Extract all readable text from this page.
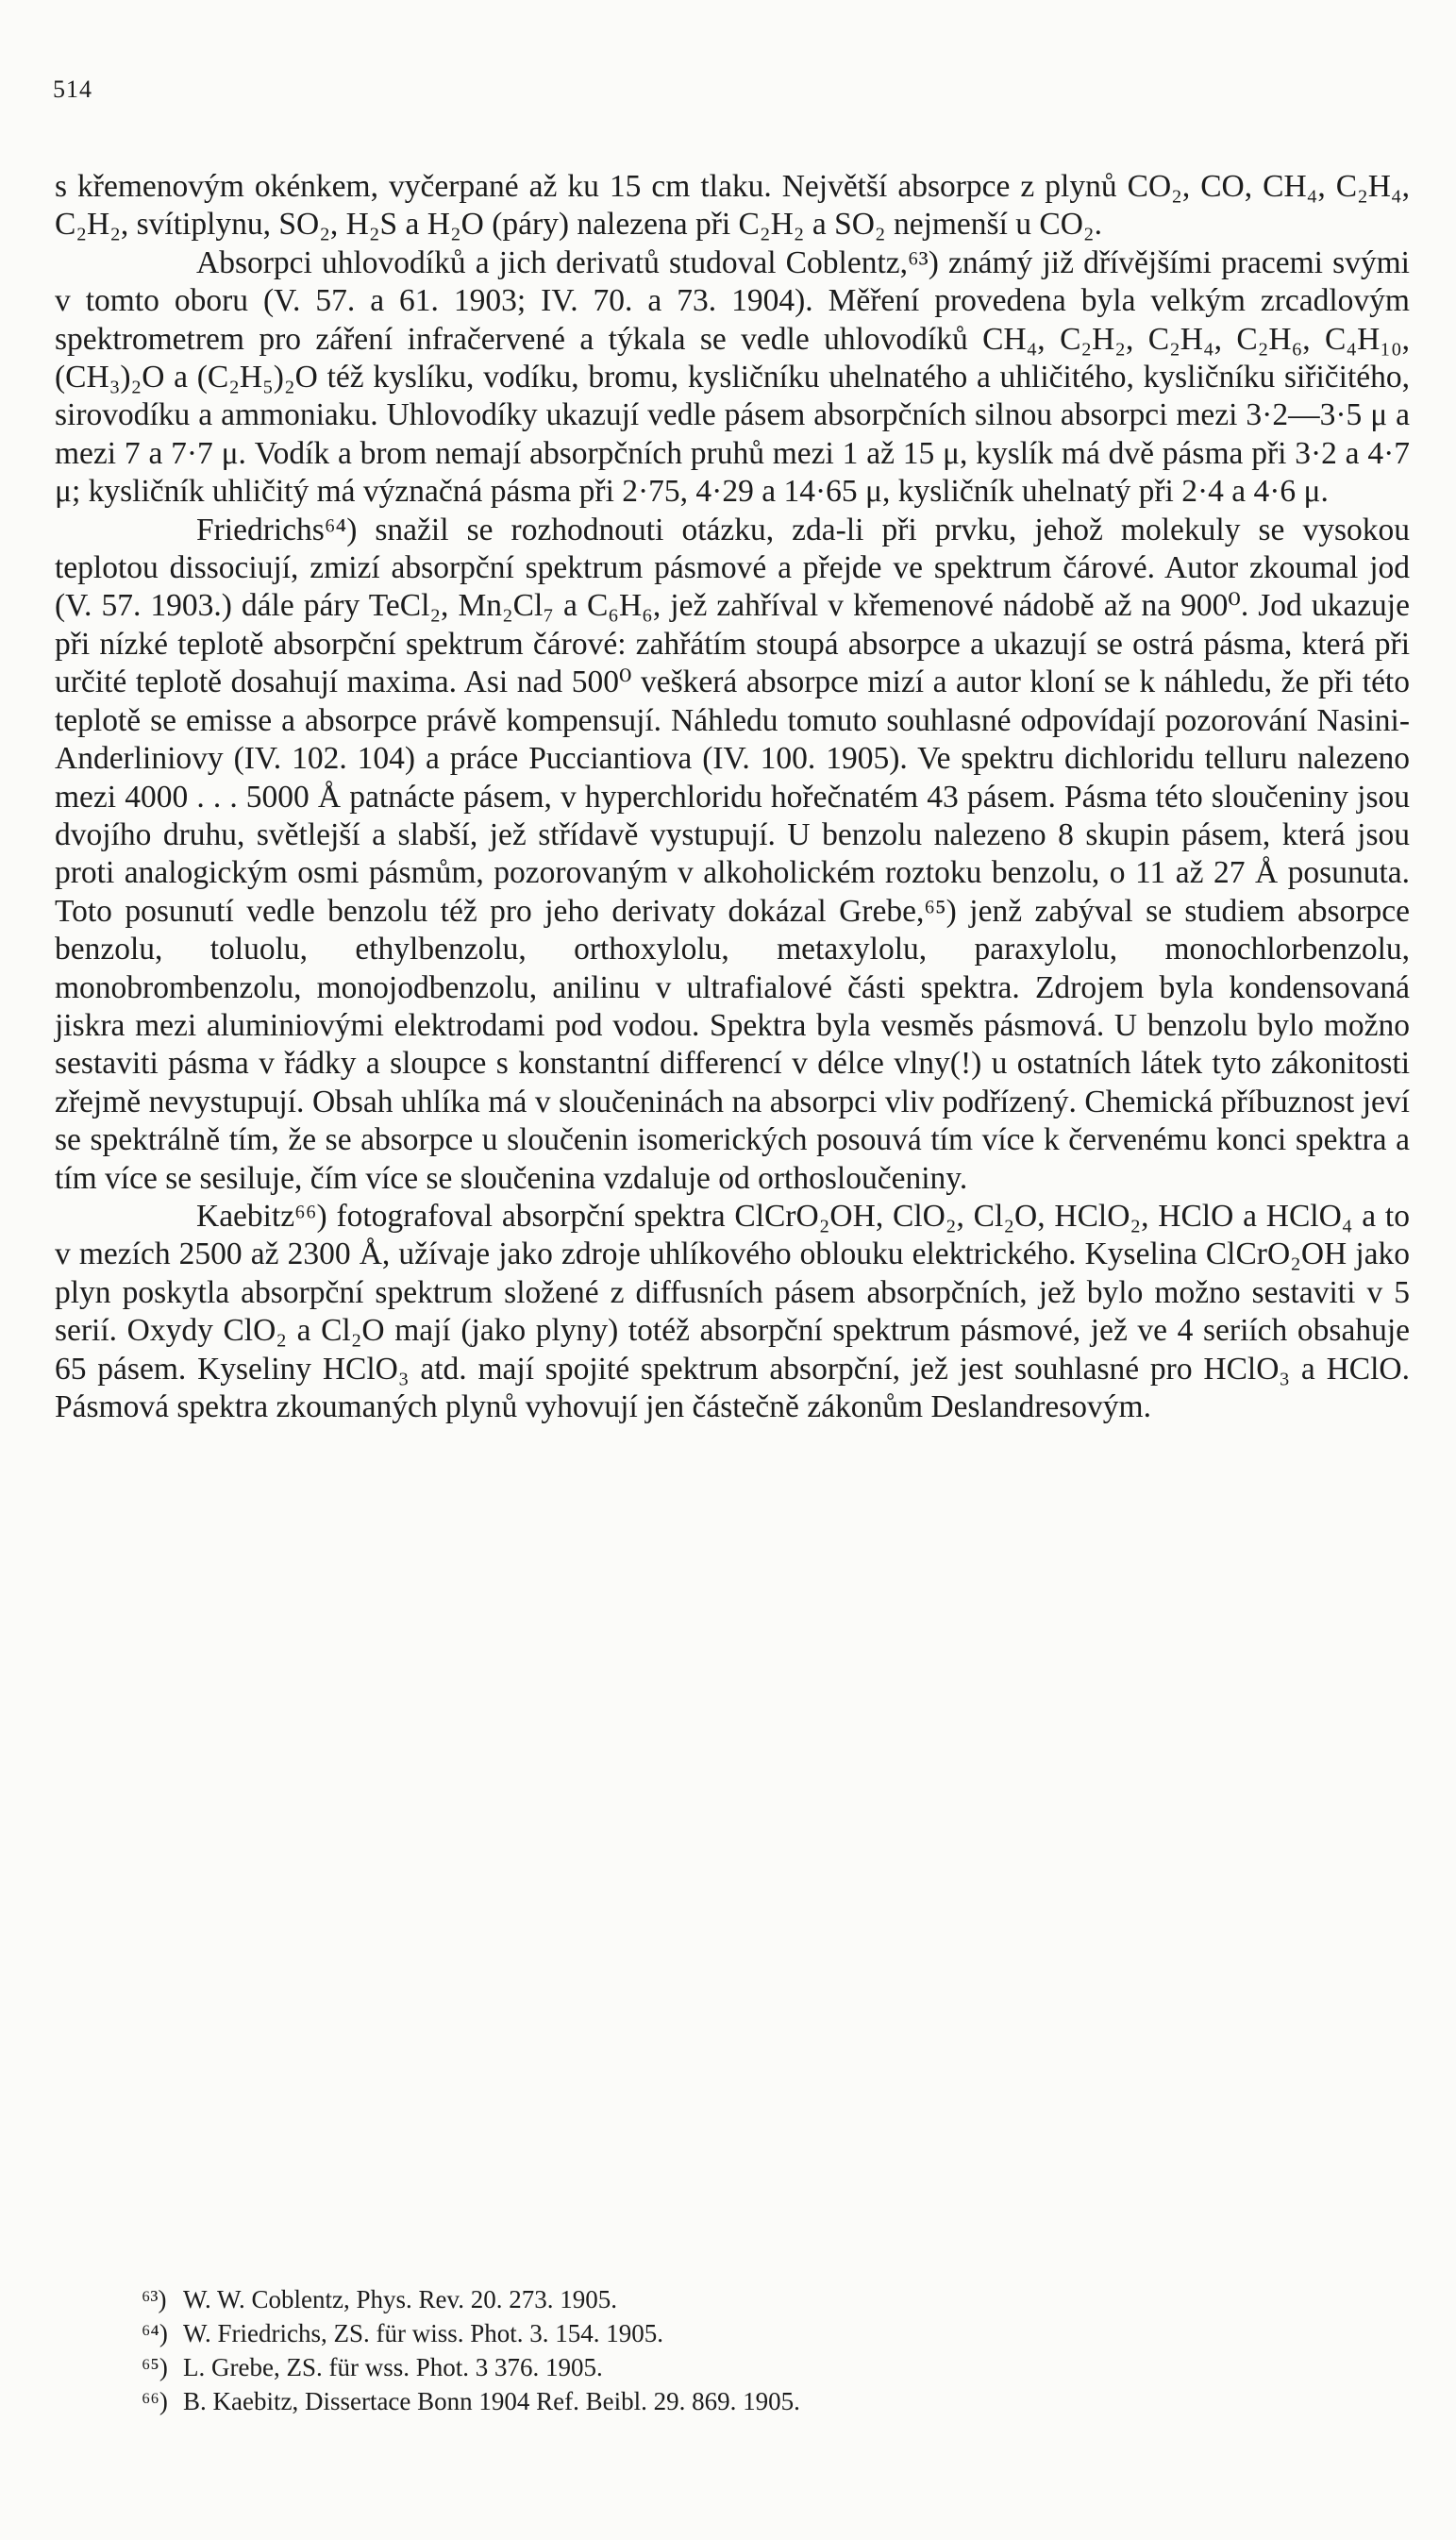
514

s křemenovým okénkem, vyčerpané až ku 15 cm tlaku. Největší absorpce z plynů CO₂, CO, CH₄, C₂H₄, C₂H₂, svítiplynu, SO₂, H₂S a H₂O (páry) nalezena při C₂H₂ a SO₂ nejmenší u CO₂.

Absorpci uhlovodíků a jich derivatů studoval Coblentz,⁶³) známý již dřívějšími pracemi svými v tomto oboru (V. 57. a 61. 1903; IV. 70. a 73. 1904). Měření provedena byla velkým zrcadlovým spektrometrem pro záření infračervené a týkala se vedle uhlovodíků CH₄, C₂H₂, C₂H₄, C₂H₆, C₄H₁₀, (CH₃)₂O a (C₂H₅)₂O též kyslíku, vodíku, bromu, kysličníku uhelnatého a uhličitého, kysličníku siřičitého, sirovodíku a ammoniaku. Uhlovodíky ukazují vedle pásem absorpčních silnou absorpci mezi 3·2—3·5 μ a mezi 7 a 7·7 μ. Vodík a brom nemají absorpčních pruhů mezi 1 až 15 μ, kyslík má dvě pásma při 3·2 a 4·7 μ; kysličník uhličitý má význačná pásma při 2·75, 4·29 a 14·65 μ, kysličník uhelnatý při 2·4 a 4·6 μ.

Friedrichs⁶⁴) snažil se rozhodnouti otázku, zda-li při prvku, jehož molekuly se vysokou teplotou dissociují, zmizí absorpční spektrum pásmové a přejde ve spektrum čárové. Autor zkoumal jod (V. 57. 1903.) dále páry TeCl₂, Mn₂Cl₇ a C₆H₆, jež zahříval v křemenové nádobě až na 900⁰. Jod ukazuje při nízké teplotě absorpční spektrum čárové: zahřátím stoupá absorpce a ukazují se ostrá pásma, která při určité teplotě dosahují maxima. Asi nad 500⁰ veškerá absorpce mizí a autor kloní se k náhledu, že při této teplotě se emisse a absorpce právě kompensují. Náhledu tomuto souhlasné odpovídají pozorování Nasini-Anderliniovy (IV. 102. 104) a práce Pucciantiova (IV. 100. 1905). Ve spektru dichloridu telluru nalezeno mezi 4000 . . . 5000 Å patnácte pásem, v hyperchloridu hořečnatém 43 pásem. Pásma této sloučeniny jsou dvojího druhu, světlejší a slabší, jež střídavě vystupují. U benzolu nalezeno 8 skupin pásem, která jsou proti analogickým osmi pásmům, pozorovaným v alkoholickém roztoku benzolu, o 11 až 27 Å posunuta. Toto posunutí vedle benzolu též pro jeho derivaty dokázal Grebe,⁶⁵) jenž zabýval se studiem absorpce benzolu, toluolu, ethylbenzolu, orthoxylolu, metaxylolu, paraxylolu, monochlorbenzolu, monobrombenzolu, monojodbenzolu, anilinu v ultrafialové části spektra. Zdrojem byla kondensovaná jiskra mezi aluminiovými elektrodami pod vodou. Spektra byla vesměs pásmová. U benzolu bylo možno sestaviti pásma v řádky a sloupce s konstantní differencí v délce vlny(!) u ostatních látek tyto zákonitosti zřejmě nevystupují. Obsah uhlíka má v sloučeninách na absorpci vliv podřízený. Chemická příbuznost jeví se spektrálně tím, že se absorpce u sloučenin isomerických posouvá tím více k červenému konci spektra a tím více se sesiluje, čím více se sloučenina vzdaluje od orthosloučeniny.

Kaebitz⁶⁶) fotografoval absorpční spektra ClCrO₂OH, ClO₂, Cl₂O, HClO₂, HClO a HClO₄ a to v mezích 2500 až 2300 Å, užívaje jako zdroje uhlíkového oblouku elektrického. Kyselina ClCrO₂OH jako plyn poskytla absorpční spektrum složené z diffusních pásem absorpčních, jež bylo možno sestaviti v 5 serií. Oxydy ClO₂ a Cl₂O mají (jako plyny) totéž absorpční spektrum pásmové, jež ve 4 seriích obsahuje 65 pásem. Kyseliny HClO₃ atd. mají spojité spektrum absorpční, jež jest souhlasné pro HClO₃ a HClO. Pásmová spektra zkoumaných plynů vyhovují jen částečně zákonům Deslandresovým.

⁶³) W. W. Coblentz, Phys. Rev. 20. 273. 1905.
⁶⁴) W. Friedrichs, ZS. für wiss. Phot. 3. 154. 1905.
⁶⁵) L. Grebe, ZS. für wss. Phot. 3 376. 1905.
⁶⁶) B. Kaebitz, Dissertace Bonn 1904 Ref. Beibl. 29. 869. 1905.
